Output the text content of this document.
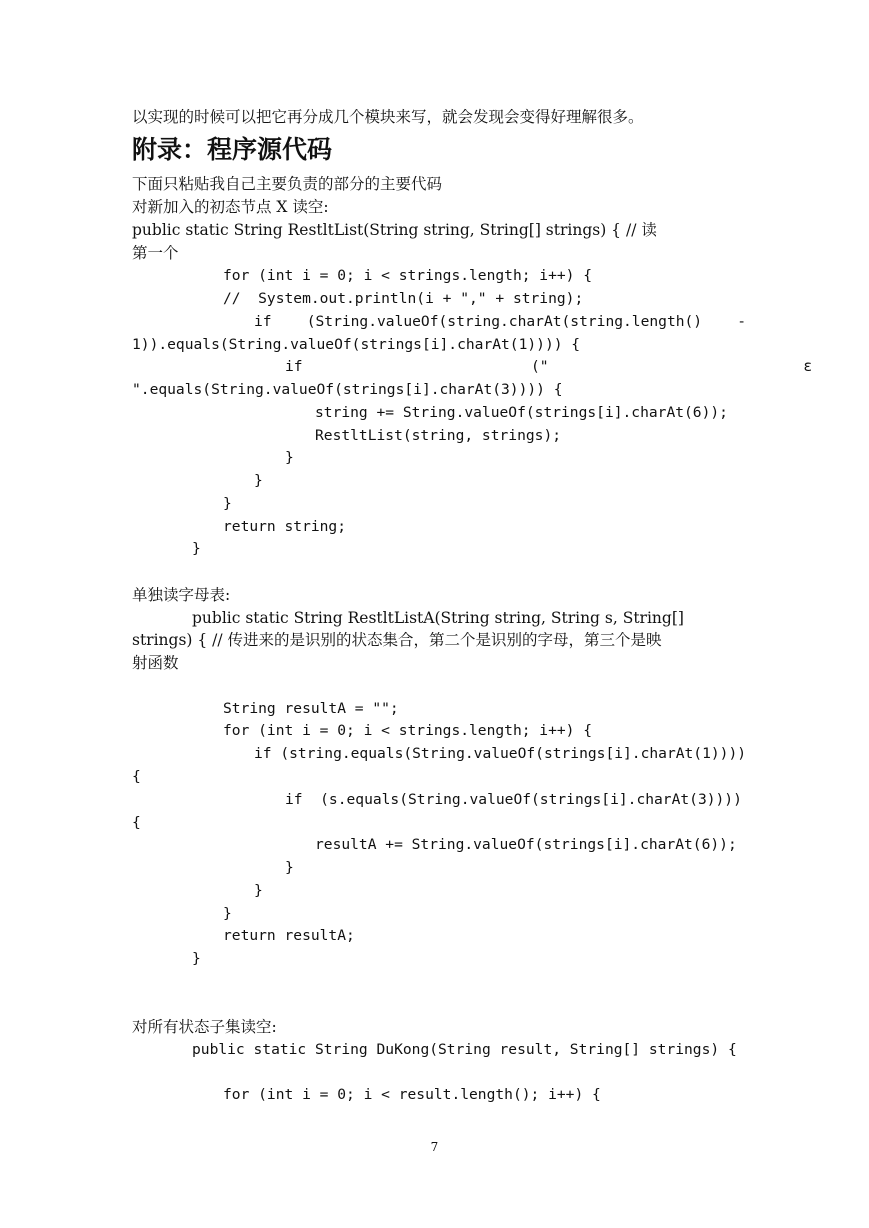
以实现的时候可以把它再分成几个模块来写，就会发现会变得好理解很多。
附录：程序源代码
下面只粘贴我自己主要负责的部分的主要代码
对新加入的初态节点 X 读空:
public static String RestltList(String string, String[] strings) { // 读
第一个
for (int i = 0; i < strings.length; i++) {
//  System.out.println(i + "," + string);
if    (String.valueOf(string.charAt(string.length()    -
1)).equals(String.valueOf(strings[i].charAt(1)))) {
if                          ("                             ε
".equals(String.valueOf(strings[i].charAt(3)))) {
string += String.valueOf(strings[i].charAt(6));
RestltList(string, strings);
}
}
}
return string;
}
单独读字母表:
public static String RestltListA(String string, String s, String[]
strings) { // 传进来的是识别的状态集合，第二个是识别的字母，第三个是映
射函数
String resultA = "";
for (int i = 0; i < strings.length; i++) {
if (string.equals(String.valueOf(strings[i].charAt(1))))
{
if  (s.equals(String.valueOf(strings[i].charAt(3))))
{
resultA += String.valueOf(strings[i].charAt(6));
}
}
}
return resultA;
}
对所有状态子集读空:
public static String DuKong(String result, String[] strings) {
for (int i = 0; i < result.length(); i++) {
7
